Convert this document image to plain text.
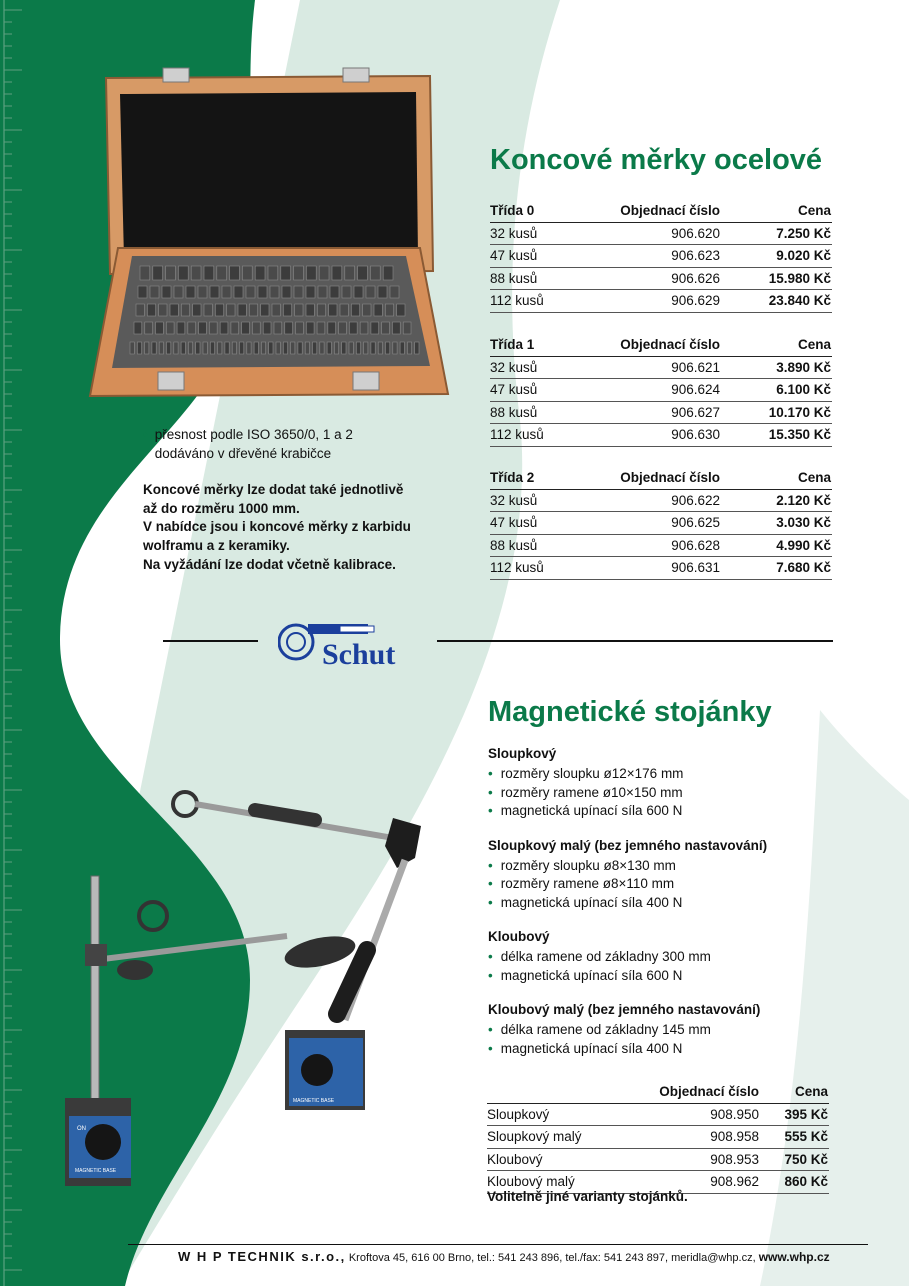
Koncové měrky ocelové
Třída 0	Objednací číslo	Cena
32 kusů	906.620	7.250 Kč
47 kusů	906.623	9.020 Kč
88 kusů	906.626	15.980 Kč
112 kusů	906.629	23.840 Kč
Třída 1	Objednací číslo	Cena
32 kusů	906.621	3.890 Kč
47 kusů	906.624	6.100 Kč
88 kusů	906.627	10.170 Kč
112 kusů	906.630	15.350 Kč
Třída 2	Objednací číslo	Cena
32 kusů	906.622	2.120 Kč
47 kusů	906.625	3.030 Kč
88 kusů	906.628	4.990 Kč
112 kusů	906.631	7.680 Kč
• přesnost podle ISO 3650/0, 1 a 2
• dodáváno v dřevěné krabičce
Koncové měrky lze dodat také jednotlivě
až do rozměru 1000 mm.
V nabídce jsou i koncové měrky z karbidu
wolframu a z keramiky.
Na vyžádání lze dodat včetně kalibrace.
Schut
Magnetické stojánky
Sloupkový
• rozměry sloupku ø12×176 mm
• rozměry ramene ø10×150 mm
• magnetická upínací síla 600 N
Sloupkový malý (bez jemného nastavování)
• rozměry sloupku ø8×130 mm
• rozměry ramene ø8×110 mm
• magnetická upínací síla 400 N
Kloubový
• délka ramene od základny 300 mm
• magnetická upínací síla 600 N
Kloubový malý (bez jemného nastavování)
• délka ramene od základny 145 mm
• magnetická upínací síla 400 N
Objednací číslo	Cena
Sloupkový	908.950 395 Kč
Sloupkový malý	908.958 555 Kč
Kloubový	908.953 750 Kč
Kloubový malý	908.962 860 Kč
Volitelně jiné varianty stojánků.
MAGNETIC BASE
ON
MAGNETIC BASE
W H P TECHNIK s.r.o., Kroftova 45, 616 00 Brno, tel.: 541 243 896, tel./fax: 541 243 897, meridla@whp.cz, www.whp.cz
